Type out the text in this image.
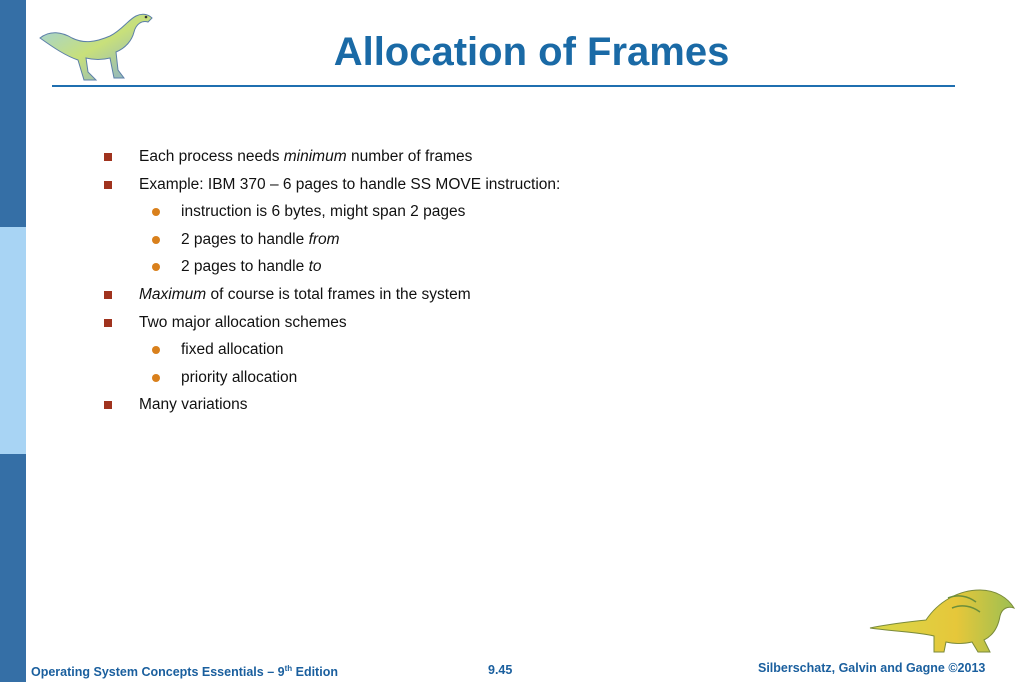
Allocation of Frames
Each process needs minimum number of frames
Example: IBM 370 – 6 pages to handle SS MOVE instruction:
instruction is 6 bytes, might span 2 pages
2 pages to handle from
2 pages to handle to
Maximum of course is total frames in the system
Two major allocation schemes
fixed allocation
priority allocation
Many variations
Operating System Concepts Essentials – 9th Edition	9.45	Silberschatz, Galvin and Gagne ©2013
